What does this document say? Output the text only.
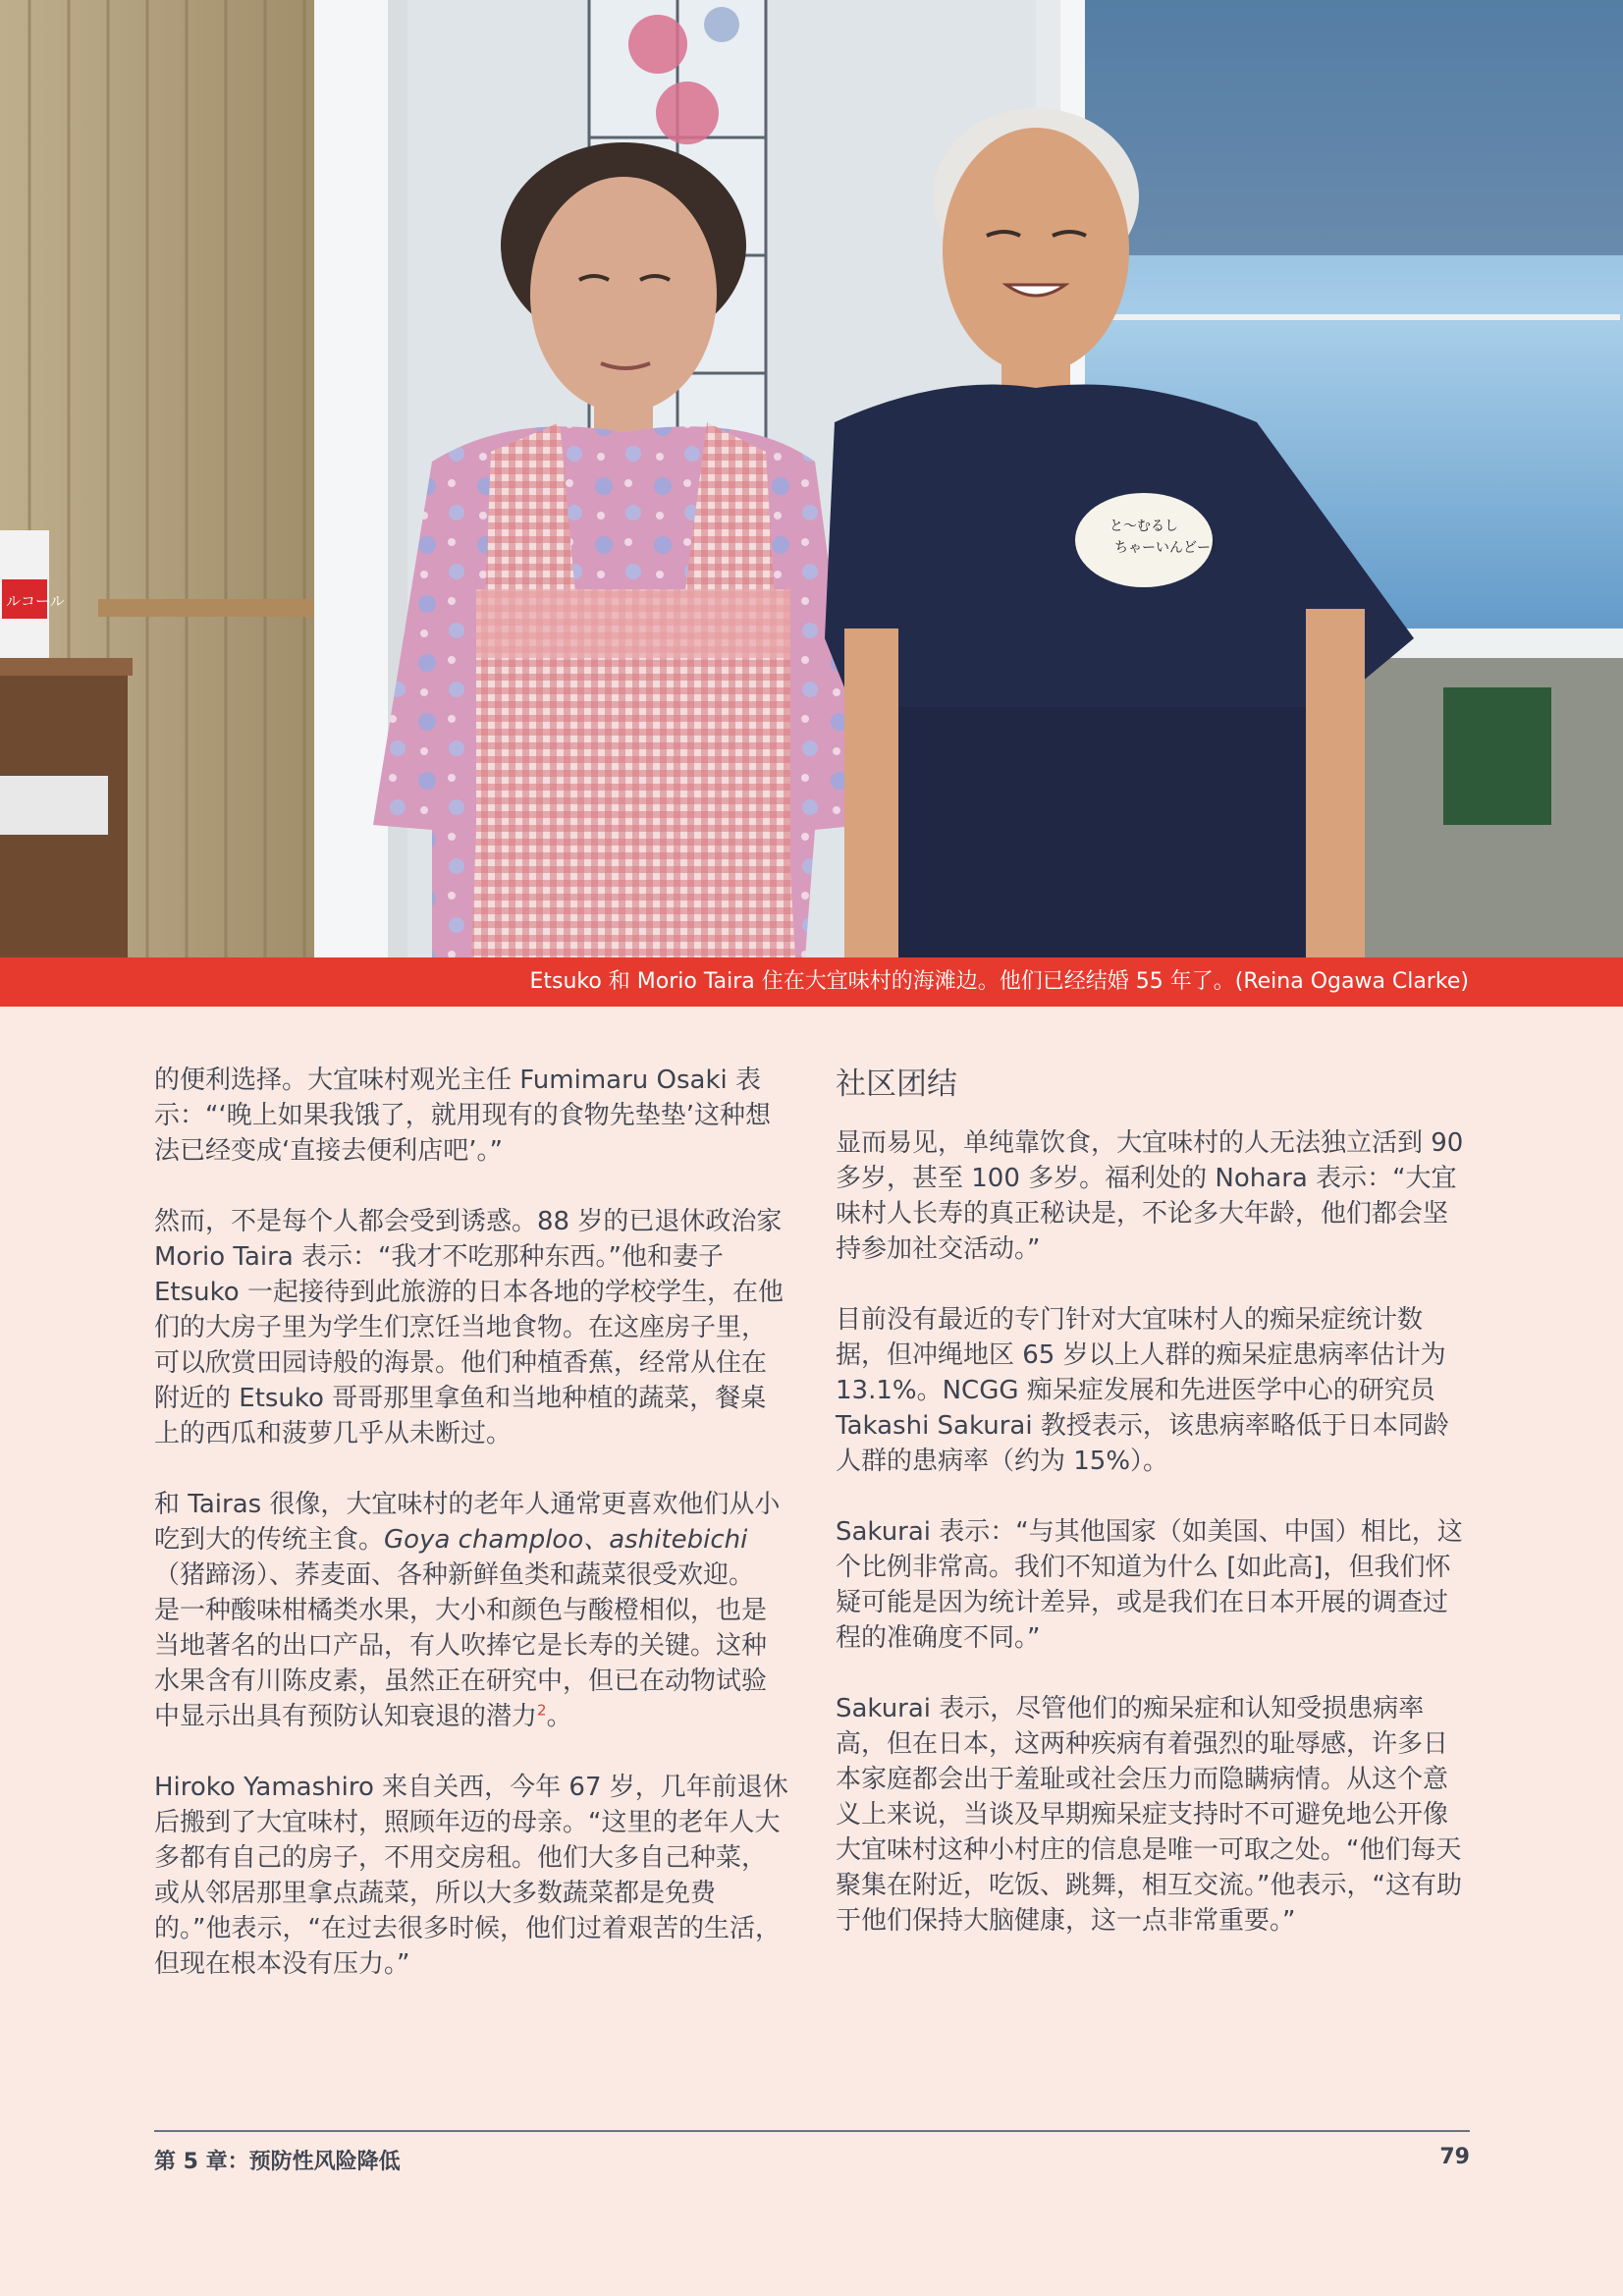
ルコール
と～むるし
ちゃーいんどー！
Etsuko 和 Morio Taira 住在大宜味村的海滩边。他们已经结婚 55 年了。(Reina Ogawa Clarke)

的便利选择。大宜味村观光主任 Fumimaru Osaki 表示：“‘晚上如果我饿了，就用现有的食物先垫垫’这种想法已经变成‘直接去便利店吧’。”

然而，不是每个人都会受到诱惑。88 岁的已退休政治家 Morio Taira 表示：“我才不吃那种东西。”他和妻子 Etsuko 一起接待到此旅游的日本各地的学校学生，在他们的大房子里为学生们烹饪当地食物。在这座房子里，可以欣赏田园诗般的海景。他们种植香蕉，经常从住在附近的 Etsuko 哥哥那里拿鱼和当地种植的蔬菜，餐桌上的西瓜和菠萝几乎从未断过。

和 Tairas 很像，大宜味村的老年人通常更喜欢他们从小吃到大的传统主食。Goya champloo、ashitebichi（猪蹄汤）、荞麦面、各种新鲜鱼类和蔬菜很受欢迎。　是一种酸味柑橘类水果，大小和颜色与酸橙相似，也是当地著名的出口产品，有人吹捧它是长寿的关键。这种水果含有川陈皮素，虽然正在研究中，但已在动物试验中显示出具有预防认知衰退的潜力$^2$。

Hiroko Yamashiro 来自关西，今年 67 岁，几年前退休后搬到了大宜味村，照顾年迈的母亲。“这里的老年人大多都有自己的房子，不用交房租。他们大多自己种菜，或从邻居那里拿点蔬菜，所以大多数蔬菜都是免费的。”他表示，“在过去很多时候，他们过着艰苦的生活，但现在根本没有压力。”

社区团结

显而易见，单纯靠饮食，大宜味村的人无法独立活到 90 多岁，甚至 100 多岁。福利处的 Nohara 表示：“大宜味村人长寿的真正秘诀是，不论多大年龄，他们都会坚持参加社交活动。”

目前没有最近的专门针对大宜味村人的痴呆症统计数据，但冲绳地区 65 岁以上人群的痴呆症患病率估计为 13.1%。NCGG 痴呆症发展和先进医学中心的研究员 Takashi Sakurai 教授表示，该患病率略低于日本同龄人群的患病率（约为 15%）。

Sakurai 表示：“与其他国家（如美国、中国）相比，这个比例非常高。我们不知道为什么 [如此高]，但我们怀疑可能是因为统计差异，或是我们在日本开展的调查过程的准确度不同。”

Sakurai 表示，尽管他们的痴呆症和认知受损患病率高，但在日本，这两种疾病有着强烈的耻辱感，许多日本家庭都会出于羞耻或社会压力而隐瞒病情。从这个意义上来说，当谈及早期痴呆症支持时不可避免地公开像大宜味村这种小村庄的信息是唯一可取之处。“他们每天聚集在附近，吃饭、跳舞，相互交流。”他表示，“这有助于他们保持大脑健康，这一点非常重要。”

第 5 章：预防性风险降低	79
